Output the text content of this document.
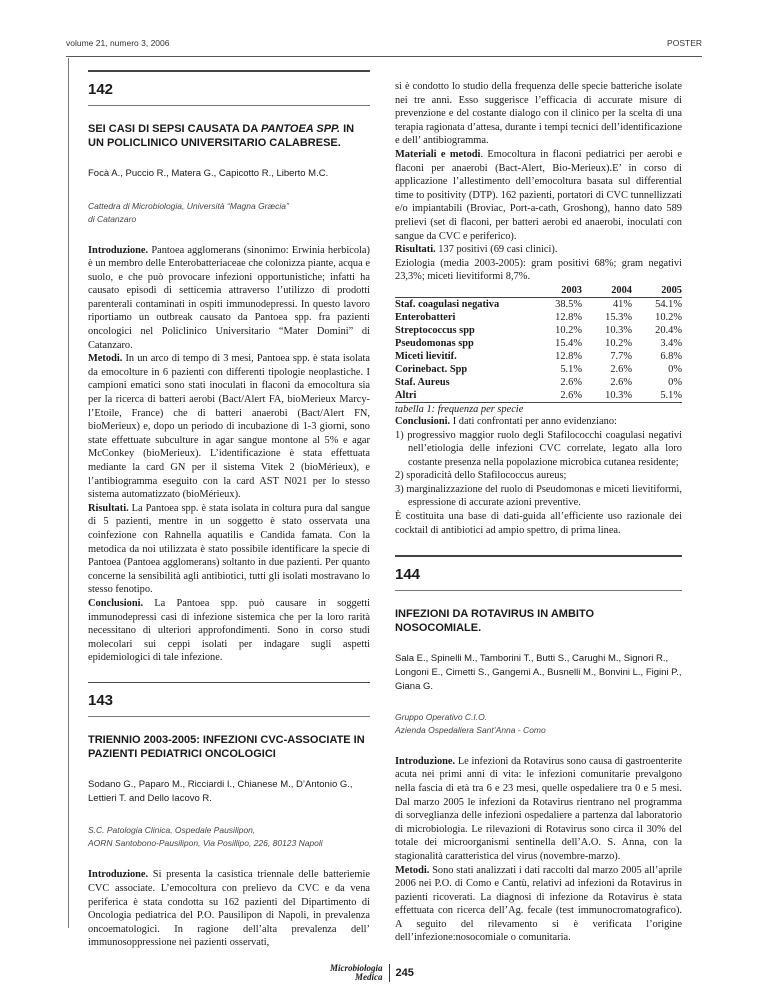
volume 21, numero 3, 2006	POSTER
142
SEI CASI DI SEPSI CAUSATA DA PANTOEA SPP. IN UN POLICLINICO UNIVERSITARIO CALABRESE.
Focà A., Puccio R., Matera G., Capicotto R., Liberto M.C.
Cattedra di Microbiologia, Università “Magna Græcia”
di Catanzaro

Introduzione. Pantoea agglomerans (sinonimo: Erwinia herbicola) è un membro delle Enterobatteriaceae che colonizza piante, acqua e suolo, e che può provocare infezioni opportunistiche; infatti ha causato episodi di setticemia attraverso l’utilizzo di prodotti parenterali contaminati in ospiti immunodepressi. In questo lavoro riportiamo un outbreak causato da Pantoea spp. fra pazienti oncologici nel Policlinico Universitario “Mater Domini” di Catanzaro.

Metodi. In un arco di tempo di 3 mesi, Pantoea spp. è stata isolata da emocolture in 6 pazienti con differenti tipologie neoplastiche. I campioni ematici sono stati inoculati in flaconi da emocoltura sia per la ricerca di batteri aerobi (Bact/Alert FA, bioMerieux Marcy-l’Etoile, France) che di batteri anaerobi (Bact/Alert FN, bioMerieux) e, dopo un periodo di incubazione di 1-3 giorni, sono state effettuate subculture in agar sangue montone al 5% e agar McConkey (bioMerieux). L’identificazione è stata effettuata mediante la card GN per il sistema Vitek 2 (bioMérieux), e l’antibiogramma eseguito con la card AST N021 per lo stesso sistema automatizzato (bioMérieux).

Risultati. La Pantoea spp. è stata isolata in coltura pura dal sangue di 5 pazienti, mentre in un soggetto è stato osservata una coinfezione con Rahnella aquatilis e Candida famata. Con la metodica da noi utilizzata è stato possibile identificare la specie di Pantoea (Pantoea agglomerans) soltanto in due pazienti. Per quanto concerne la sensibilità agli antibiotici, tutti gli isolati mostravano lo stesso fenotipo.

Conclusioni. La Pantoea spp. può causare in soggetti immunodepressi casi di infezione sistemica che per la loro rarità necessitano di ulteriori approfondimenti. Sono in corso studi molecolari sui ceppi isolati per indagare sugli aspetti epidemiologici di tale infezione.

143
TRIENNIO 2003-2005: INFEZIONI CVC-ASSOCIATE IN PAZIENTI PEDIATRICI ONCOLOGICI
Sodano G., Paparo M., Ricciardi I., Chianese M., D’Antonio G., Lettieri T. and Dello Iacovo R.
S.C. Patologia Clinica, Ospedale Pausilipon,
AORN Santobono-Pausilipon, Via Posillipo, 226, 80123 Napoli

Introduzione. Si presenta la casistica triennale delle batteriemie CVC associate. L’emocoltura con prelievo da CVC e da vena periferica è stata condotta su 162 pazienti del Dipartimento di Oncologia pediatrica del P.O. Pausilipon di Napoli, in prevalenza oncoematologici. In ragione dell’alta prevalenza dell’ immunosoppressione nei pazienti osservati,

si è condotto lo studio della frequenza delle specie batteriche isolate nei tre anni. Esso suggerisce l’efficacia di accurate misure di prevenzione e del costante dialogo con il clinico per la scelta di una terapia ragionata d’attesa, durante i tempi tecnici dell’identificazione e dell’ antibiogramma.

Materiali e metodi. Emocoltura in flaconi pediatrici per aerobi e flaconi per anaerobi (Bact-Alert, Bio-Merieux).E’ in corso di applicazione l’allestimento dell’emocoltura basata sul differential time to positivity (DTP). 162 pazienti, portatori di CVC tunnellizzati e/o impiantabili (Broviac, Port-a-cath, Groshong), hanno dato 589 prelievi (set di flaconi, per batteri aerobi ed anaerobi, inoculati con sangue da CVC e periferico).

Risultati. 137 positivi (69 casi clinici).

Eziologia (media 2003-2005): gram positivi 68%; gram negativi 23,3%; miceti lievitiformi 8,7%.

	2003	2004	2005
Staf. coagulasi negativa	38.5%	41%	54.1%
Enterobatteri	12.8%	15.3%	10.2%
Streptococcus spp	10.2%	10.3%	20.4%
Pseudomonas spp	15.4%	10.2%	3.4%
Miceti lievitif.	12.8%	7.7%	6.8%
Corinebact. Spp	5.1%	2.6%	0%
Staf. Aureus	2.6%	2.6%	0%
Altri	2.6%	10.3%	5.1%
tabella 1: frequenza per specie

Conclusioni. I dati confrontati per anno evidenziano:

1) progressivo maggior ruolo degli Stafilococchi coagulasi negativi nell’etiologia delle infezioni CVC correlate, legato alla loro costante presenza nella popolazione microbica cutanea residente;
2) sporadicità dello Stafilococcus aureus;
3) marginalizzazione del ruolo di Pseudomonas e miceti lievitiformi, espressione di accurate azioni preventive.

È costituita una base di dati-guida all’efficiente uso razionale dei cocktail di antibiotici ad ampio spettro, di prima linea.

144
INFEZIONI DA ROTAVIRUS IN AMBITO NOSOCOMIALE.
Sala E., Spinelli M., Tamborini T., Butti S., Carughi M., Signori R., Longoni E., Cimetti S., Gangemi A., Busnelli M., Bonvini L., Figini P., Giana G.
Gruppo Operativo C.I.O.
Azienda Ospedaliera Sant’Anna - Como

Introduzione. Le infezioni da Rotavirus sono causa di gastroenterite acuta nei primi anni di vita: le infezioni comunitarie prevalgono nella fascia di età tra 6 e 23 mesi, quelle ospedaliere tra 0 e 5 mesi. Dal marzo 2005 le infezioni da Rotavirus rientrano nel programma di sorveglianza delle infezioni ospedaliere a partenza dal laboratorio di microbiologia. Le rilevazioni di Rotavirus sono circa il 30% del totale dei microorganismi sentinella dell’A.O. S. Anna, con la stagionalità caratteristica del virus (novembre-marzo).

Metodi. Sono stati analizzati i dati raccolti dal marzo 2005 all’aprile 2006 nei P.O. di Como e Cantù, relativi ad infezioni da Rotavirus in pazienti ricoverati. La diagnosi di infezione da Rotavirus è stata effettuata con ricerca dell’Ag. fecale (test immunocromatografico). A seguito del rilevamento si è verificata l’origine dell’infezione:nosocomiale o comunitaria.

Microbiologia
Medica	245
